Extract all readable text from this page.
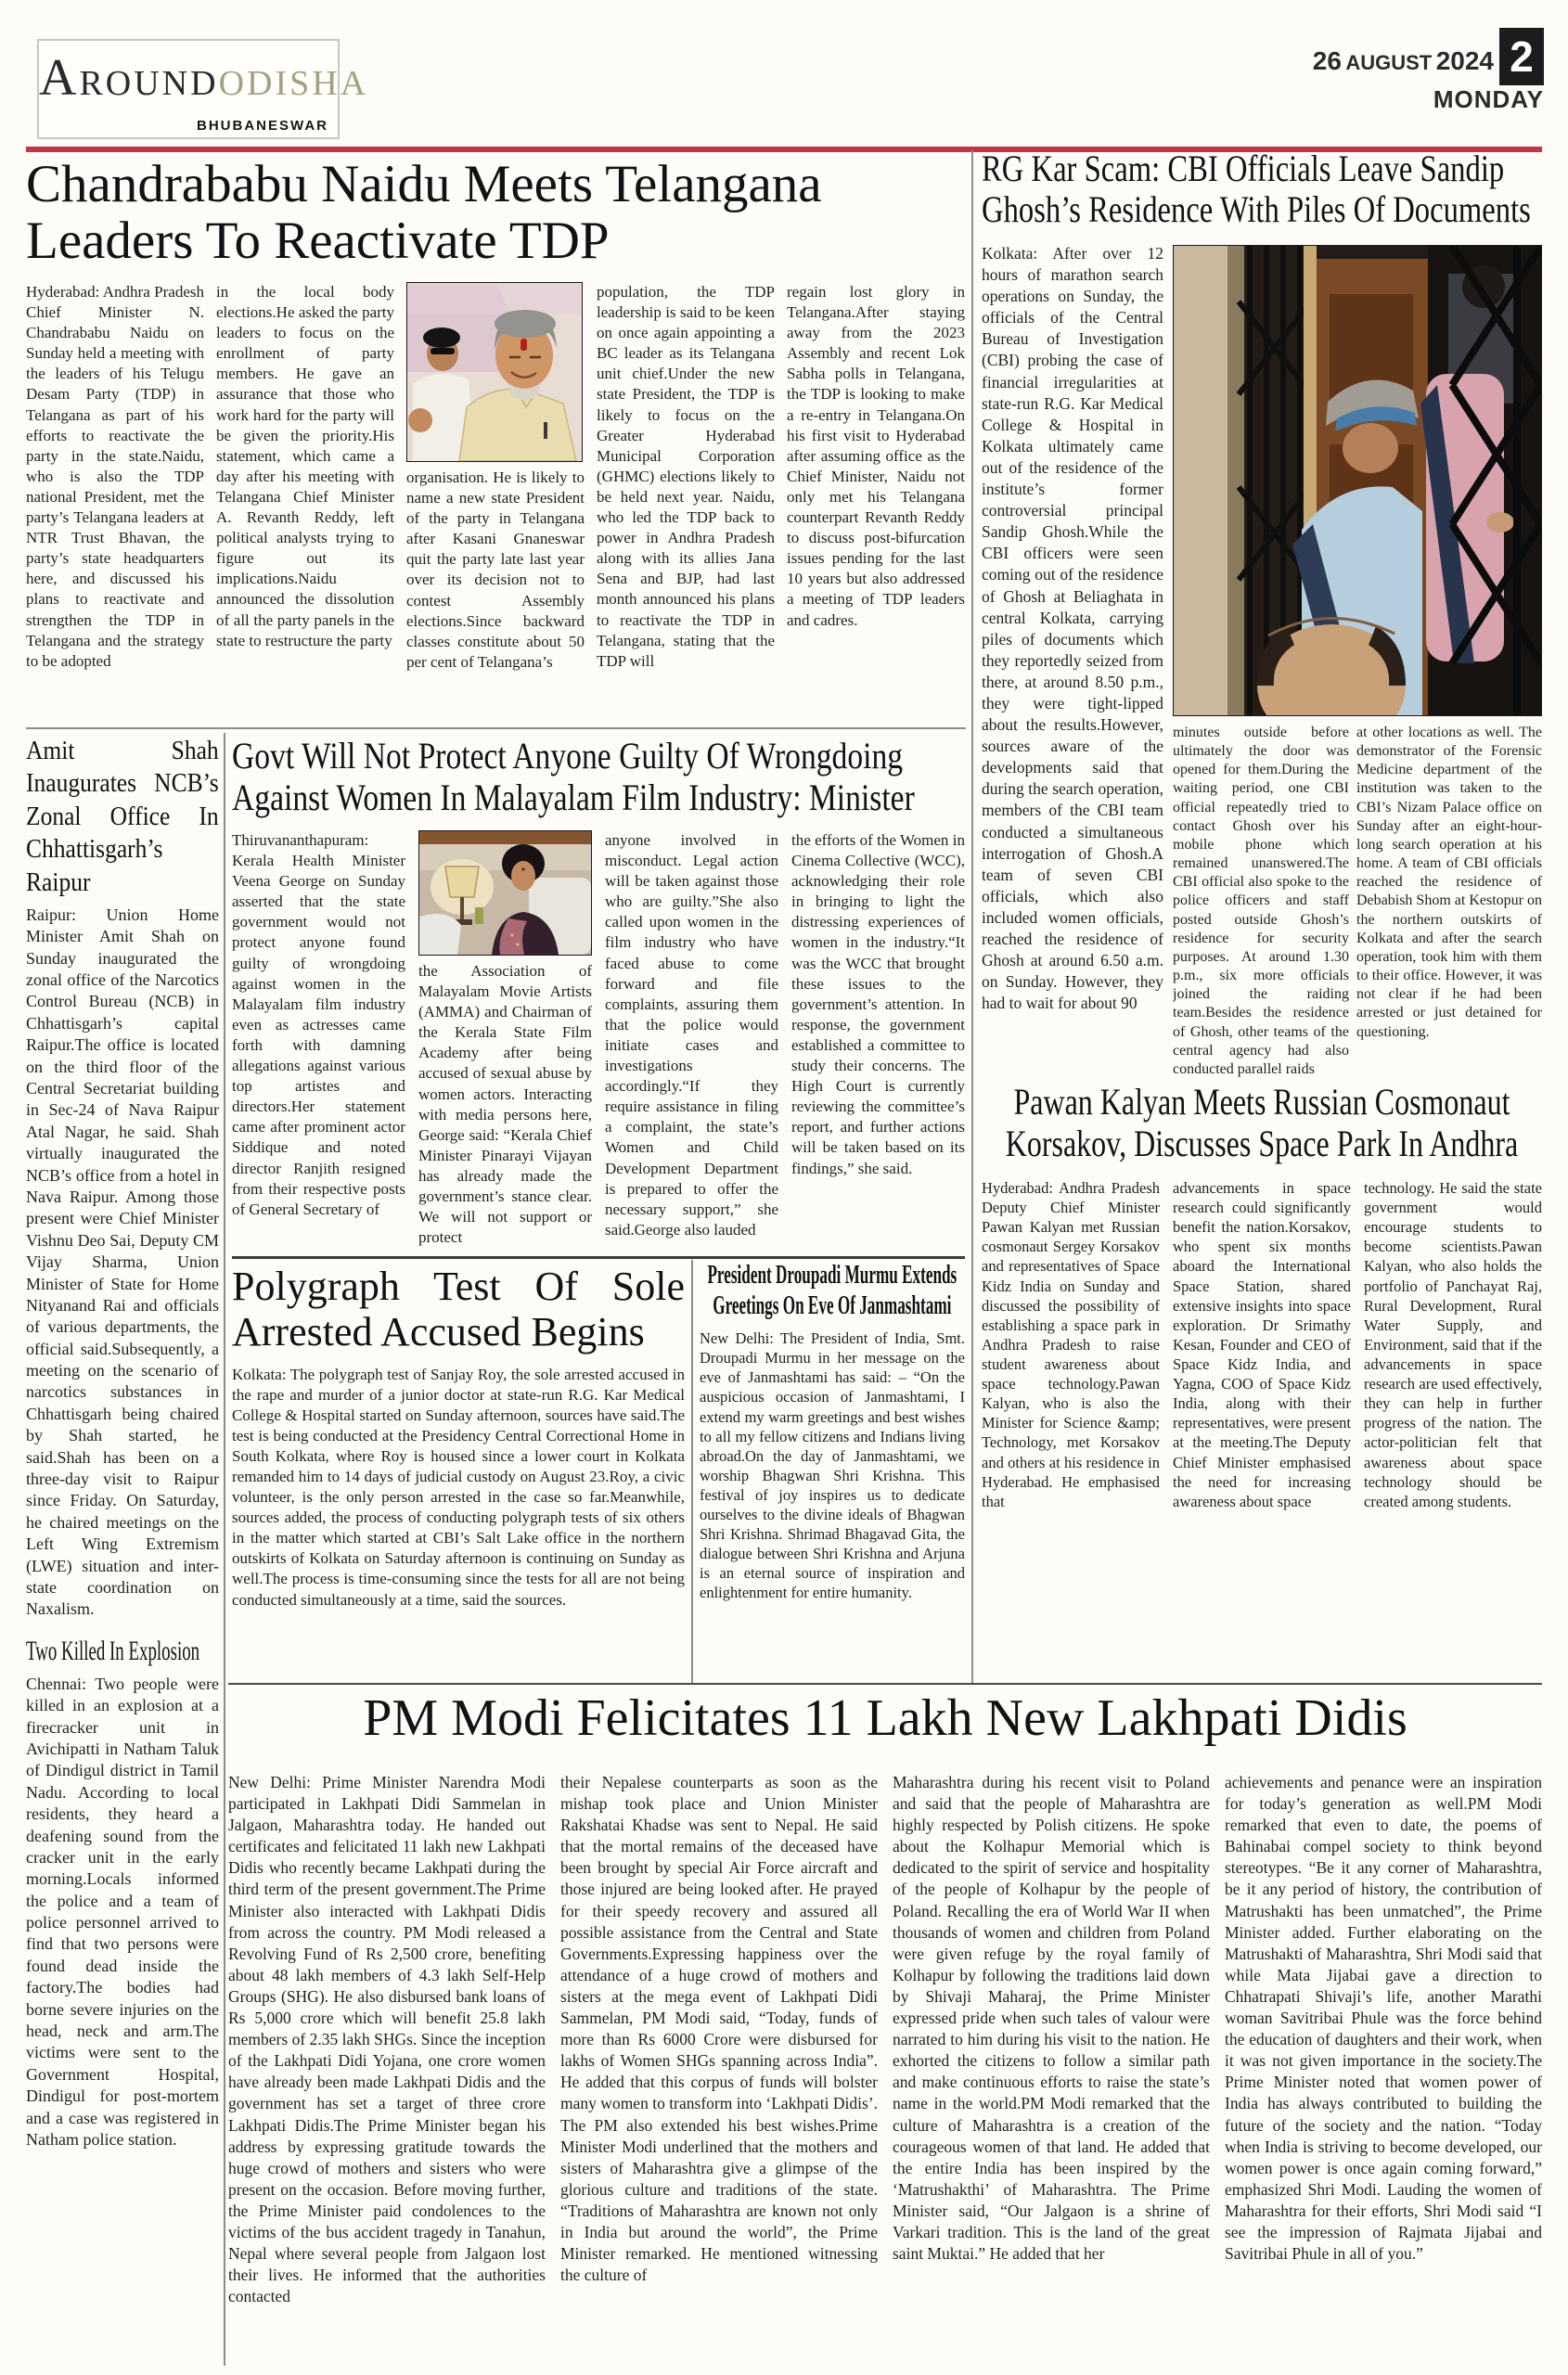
AROUNDODISHA
BHUBANESWAR
26 AUGUST 2024 2
MONDAY
Chandrababu Naidu Meets Telangana Leaders To Reactivate TDP

Hyderabad: Andhra Pradesh Chief Minister N. Chandrababu Naidu on Sunday held a meeting with the leaders of his Telugu Desam Party (TDP) in Telangana as part of his efforts to reactivate the party in the state.Naidu, who is also the TDP national President, met the party’s Telangana leaders at NTR Trust Bhavan, the party’s state headquarters here, and discussed his plans to reactivate and strengthen the TDP in Telangana and the strategy to be adopted

in the local body elections.He asked the party leaders to focus on the enrollment of party members. He gave an assurance that those who work hard for the party will be given the priority.His statement, which came a day after his meeting with Telangana Chief Minister A. Revanth Reddy, left political analysts trying to figure out its implications.Naidu announced the dissolution of all the party panels in the state to restructure the party

organisation. He is likely to name a new state President of the party in Telangana after Kasani Gnaneswar quit the party late last year over its decision not to contest Assembly elections.Since backward classes constitute about 50 per cent of Telangana’s

population, the TDP leadership is said to be keen on once again appointing a BC leader as its Telangana unit chief.Under the new state President, the TDP is likely to focus on the Greater Hyderabad Municipal Corporation (GHMC) elections likely to be held next year. Naidu, who led the TDP back to power in Andhra Pradesh along with its allies Jana Sena and BJP, had last month announced his plans to reactivate the TDP in Telangana, stating that the TDP will

regain lost glory in Telangana.After staying away from the 2023 Assembly and recent Lok Sabha polls in Telangana, the TDP is looking to make a re-entry in Telangana.On his first visit to Hyderabad after assuming office as the Chief Minister, Naidu not only met his Telangana counterpart Revanth Reddy to discuss post-bifurcation issues pending for the last 10 years but also addressed a meeting of TDP leaders and cadres.

RG Kar Scam: CBI Officials Leave Sandip Ghosh’s Residence With Piles Of Documents

Kolkata: After over 12 hours of marathon search operations on Sunday, the officials of the Central Bureau of Investigation (CBI) probing the case of financial irregularities at state-run R.G. Kar Medical College & Hospital in Kolkata ultimately came out of the residence of the institute’s former controversial principal Sandip Ghosh.While the CBI officers were seen coming out of the residence of Ghosh at Beliaghata in central Kolkata, carrying piles of documents which they reportedly seized from there, at around 8.50 p.m., they were tight-lipped about the results.However, sources aware of the developments said that during the search operation, members of the CBI team conducted a simultaneous interrogation of Ghosh.A team of seven CBI officials, which also included women officials, reached the residence of Ghosh at around 6.50 a.m. on Sunday. However, they had to wait for about 90

minutes outside before ultimately the door was opened for them.During the waiting period, one CBI official repeatedly tried to contact Ghosh over his mobile phone which remained unanswered.The CBI official also spoke to the police officers and staff posted outside Ghosh’s residence for security purposes. At around 1.30 p.m., six more officials joined the raiding team.Besides the residence of Ghosh, other teams of the central agency had also conducted parallel raids

at other locations as well. The demonstrator of the Forensic Medicine department of the institution was taken to the CBI’s Nizam Palace office on Sunday after an eight-hour-long search operation at his home. A team of CBI officials reached the residence of Debabish Shom at Kestopur on the northern outskirts of Kolkata and after the search operation, took him with them to their office. However, it was not clear if he had been arrested or just detained for questioning.

Pawan Kalyan Meets Russian Cosmonaut Korsakov, Discusses Space Park In Andhra

Hyderabad: Andhra Pradesh Deputy Chief Minister Pawan Kalyan met Russian cosmonaut Sergey Korsakov and representatives of Space Kidz India on Sunday and discussed the possibility of establishing a space park in Andhra Pradesh to raise student awareness about space technology.Pawan Kalyan, who is also the Minister for Science &amp; Technology, met Korsakov and others at his residence in Hyderabad. He emphasised that

advancements in space research could significantly benefit the nation.Korsakov, who spent six months aboard the International Space Station, shared extensive insights into space exploration. Dr Srimathy Kesan, Founder and CEO of Space Kidz India, and Yagna, COO of Space Kidz India, along with their representatives, were present at the meeting.The Deputy Chief Minister emphasised the need for increasing awareness about space

technology. He said the state government would encourage students to become scientists.Pawan Kalyan, who also holds the portfolio of Panchayat Raj, Rural Development, Rural Water Supply, and Environment, said that if the advancements in space research are used effectively, they can help in further progress of the nation. The actor-politician felt that awareness about space technology should be created among students.

Amit Shah Inaugurates NCB’s Zonal Office In Chhattisgarh’s Raipur

Raipur: Union Home Minister Amit Shah on Sunday inaugurated the zonal office of the Narcotics Control Bureau (NCB) in Chhattisgarh’s capital Raipur.The office is located on the third floor of the Central Secretariat building in Sec-24 of Nava Raipur Atal Nagar, he said. Shah virtually inaugurated the NCB’s office from a hotel in Nava Raipur. Among those present were Chief Minister Vishnu Deo Sai, Deputy CM Vijay Sharma, Union Minister of State for Home Nityanand Rai and officials of various departments, the official said.Subsequently, a meeting on the scenario of narcotics substances in Chhattisgarh being chaired by Shah started, he said.Shah has been on a three-day visit to Raipur since Friday. On Saturday, he chaired meetings on the Left Wing Extremism (LWE) situation and inter-state coordination on Naxalism.

Two Killed In Explosion

Chennai: Two people were killed in an explosion at a firecracker unit in Avichipatti in Natham Taluk of Dindigul district in Tamil Nadu. According to local residents, they heard a deafening sound from the cracker unit in the early morning.Locals informed the police and a team of police personnel arrived to find that two persons were found dead inside the factory.The bodies had borne severe injuries on the head, neck and arm.The victims were sent to the Government Hospital, Dindigul for post-mortem and a case was registered in Natham police station.

Govt Will Not Protect Anyone Guilty Of Wrongdoing Against Women In Malayalam Film Industry: Minister

Thiruvananthapuram: Kerala Health Minister Veena George on Sunday asserted that the state government would not protect anyone found guilty of wrongdoing against women in the Malayalam film industry even as actresses came forth with damning allegations against various top artistes and directors.Her statement came after prominent actor Siddique and noted director Ranjith resigned from their respective posts of General Secretary of

the Association of Malayalam Movie Artists (AMMA) and Chairman of the Kerala State Film Academy after being accused of sexual abuse by women actors. Interacting with media persons here, George said: “Kerala Chief Minister Pinarayi Vijayan has already made the government’s stance clear. We will not support or protect

anyone involved in misconduct. Legal action will be taken against those who are guilty.”She also called upon women in the film industry who have faced abuse to come forward and file complaints, assuring them that the police would initiate cases and investigations accordingly.“If they require assistance in filing a complaint, the state’s Women and Child Development Department is prepared to offer the necessary support,” she said.George also lauded

the efforts of the Women in Cinema Collective (WCC), acknowledging their role in bringing to light the distressing experiences of women in the industry.“It was the WCC that brought these issues to the government’s attention. In response, the government established a committee to study their concerns. The High Court is currently reviewing the committee’s report, and further actions will be taken based on its findings,” she said.

Polygraph Test Of Sole Arrested Accused Begins

Kolkata: The polygraph test of Sanjay Roy, the sole arrested accused in the rape and murder of a junior doctor at state-run R.G. Kar Medical College & Hospital started on Sunday afternoon, sources have said.The test is being conducted at the Presidency Central Correctional Home in South Kolkata, where Roy is housed since a lower court in Kolkata remanded him to 14 days of judicial custody on August 23.Roy, a civic volunteer, is the only person arrested in the case so far.Meanwhile, sources added, the process of conducting polygraph tests of six others in the matter which started at CBI’s Salt Lake office in the northern outskirts of Kolkata on Saturday afternoon is continuing on Sunday as well.The process is time-consuming since the tests for all are not being conducted simultaneously at a time, said the sources.

President Droupadi Murmu Extends Greetings On Eve Of Janmashtami

New Delhi: The President of India, Smt. Droupadi Murmu in her message on the eve of Janmashtami has said: – “On the auspicious occasion of Janmashtami, I extend my warm greetings and best wishes to all my fellow citizens and Indians living abroad.On the day of Janmashtami, we worship Bhagwan Shri Krishna. This festival of joy inspires us to dedicate ourselves to the divine ideals of Bhagwan Shri Krishna. Shrimad Bhagavad Gita, the dialogue between Shri Krishna and Arjuna is an eternal source of inspiration and enlightenment for entire humanity.

PM Modi Felicitates 11 Lakh New Lakhpati Didis

New Delhi: Prime Minister Narendra Modi participated in Lakhpati Didi Sammelan in Jalgaon, Maharashtra today. He handed out certificates and felicitated 11 lakh new Lakhpati Didis who recently became Lakhpati during the third term of the present government.The Prime Minister also interacted with Lakhpati Didis from across the country. PM Modi released a Revolving Fund of Rs 2,500 crore, benefiting about 48 lakh members of 4.3 lakh Self-Help Groups (SHG). He also disbursed bank loans of Rs 5,000 crore which will benefit 25.8 lakh members of 2.35 lakh SHGs. Since the inception of the Lakhpati Didi Yojana, one crore women have already been made Lakhpati Didis and the government has set a target of three crore Lakhpati Didis.The Prime Minister began his address by expressing gratitude towards the huge crowd of mothers and sisters who were present on the occasion. Before moving further, the Prime Minister paid condolences to the victims of the bus accident tragedy in Tanahun, Nepal where several people from Jalgaon lost their lives. He informed that the authorities contacted

their Nepalese counterparts as soon as the mishap took place and Union Minister Rakshatai Khadse was sent to Nepal. He said that the mortal remains of the deceased have been brought by special Air Force aircraft and those injured are being looked after. He prayed for their speedy recovery and assured all possible assistance from the Central and State Governments.Expressing happiness over the attendance of a huge crowd of mothers and sisters at the mega event of Lakhpati Didi Sammelan, PM Modi said, “Today, funds of more than Rs 6000 Crore were disbursed for lakhs of Women SHGs spanning across India”. He added that this corpus of funds will bolster many women to transform into ‘Lakhpati Didis’. The PM also extended his best wishes.Prime Minister Modi underlined that the mothers and sisters of Maharashtra give a glimpse of the glorious culture and traditions of the state. “Traditions of Maharashtra are known not only in India but around the world”, the Prime Minister remarked. He mentioned witnessing the culture of

Maharashtra during his recent visit to Poland and said that the people of Maharashtra are highly respected by Polish citizens. He spoke about the Kolhapur Memorial which is dedicated to the spirit of service and hospitality of the people of Kolhapur by the people of Poland. Recalling the era of World War II when thousands of women and children from Poland were given refuge by the royal family of Kolhapur by following the traditions laid down by Shivaji Maharaj, the Prime Minister expressed pride when such tales of valour were narrated to him during his visit to the nation. He exhorted the citizens to follow a similar path and make continuous efforts to raise the state’s name in the world.PM Modi remarked that the culture of Maharashtra is a creation of the courageous women of that land. He added that the entire India has been inspired by the ‘Matrushakthi’ of Maharashtra. The Prime Minister said, “Our Jalgaon is a shrine of Varkari tradition. This is the land of the great saint Muktai.” He added that her

achievements and penance were an inspiration for today’s generation as well.PM Modi remarked that even to date, the poems of Bahinabai compel society to think beyond stereotypes. “Be it any corner of Maharashtra, be it any period of history, the contribution of Matrushakti has been unmatched”, the Prime Minister added. Further elaborating on the Matrushakti of Maharashtra, Shri Modi said that while Mata Jijabai gave a direction to Chhatrapati Shivaji’s life, another Marathi woman Savitribai Phule was the force behind the education of daughters and their work, when it was not given importance in the society.The Prime Minister noted that women power of India has always contributed to building the future of the society and the nation. “Today when India is striving to become developed, our women power is once again coming forward,” emphasized Shri Modi. Lauding the women of Maharashtra for their efforts, Shri Modi said “I see the impression of Rajmata Jijabai and Savitribai Phule in all of you.”
